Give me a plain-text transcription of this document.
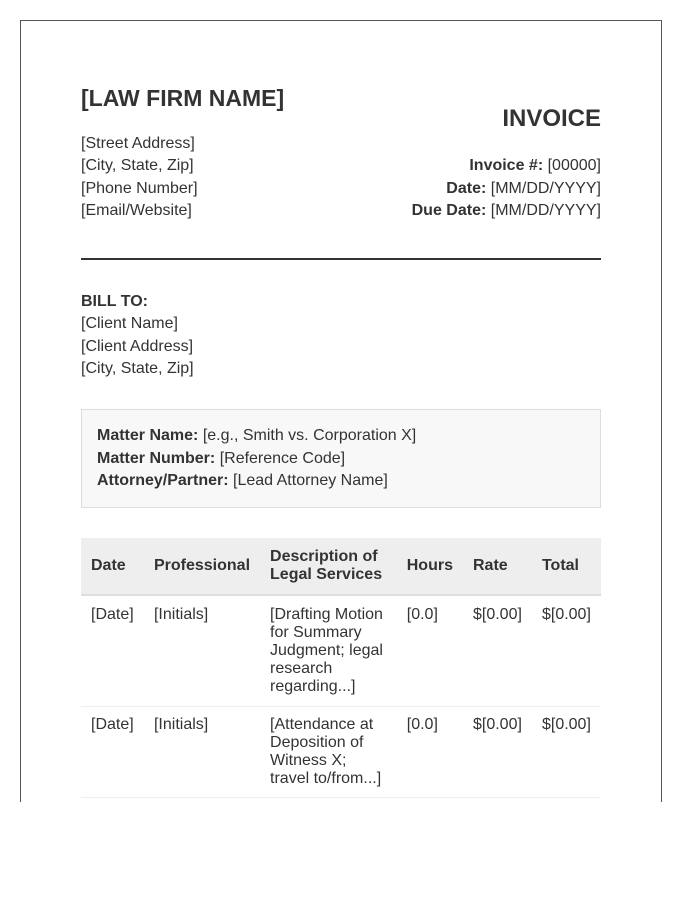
[LAW FIRM NAME]
[Street Address]
[City, State, Zip]
[Phone Number]
[Email/Website]
INVOICE
Invoice #: [00000]
Date: [MM/DD/YYYY]
Due Date: [MM/DD/YYYY]
BILL TO:
[Client Name]
[Client Address]
[City, State, Zip]
Matter Name: [e.g., Smith vs. Corporation X]
Matter Number: [Reference Code]
Attorney/Partner: [Lead Attorney Name]
Date	Professional	Description of Legal Services	Hours	Rate	Total
[Date]	[Initials]	[Drafting Motion for Summary Judgment; legal research regarding...]	[0.0]	$[0.00]	$[0.00]
[Date]	[Initials]	[Attendance at Deposition of Witness X; travel to/from...]	[0.0]	$[0.00]	$[0.00]
